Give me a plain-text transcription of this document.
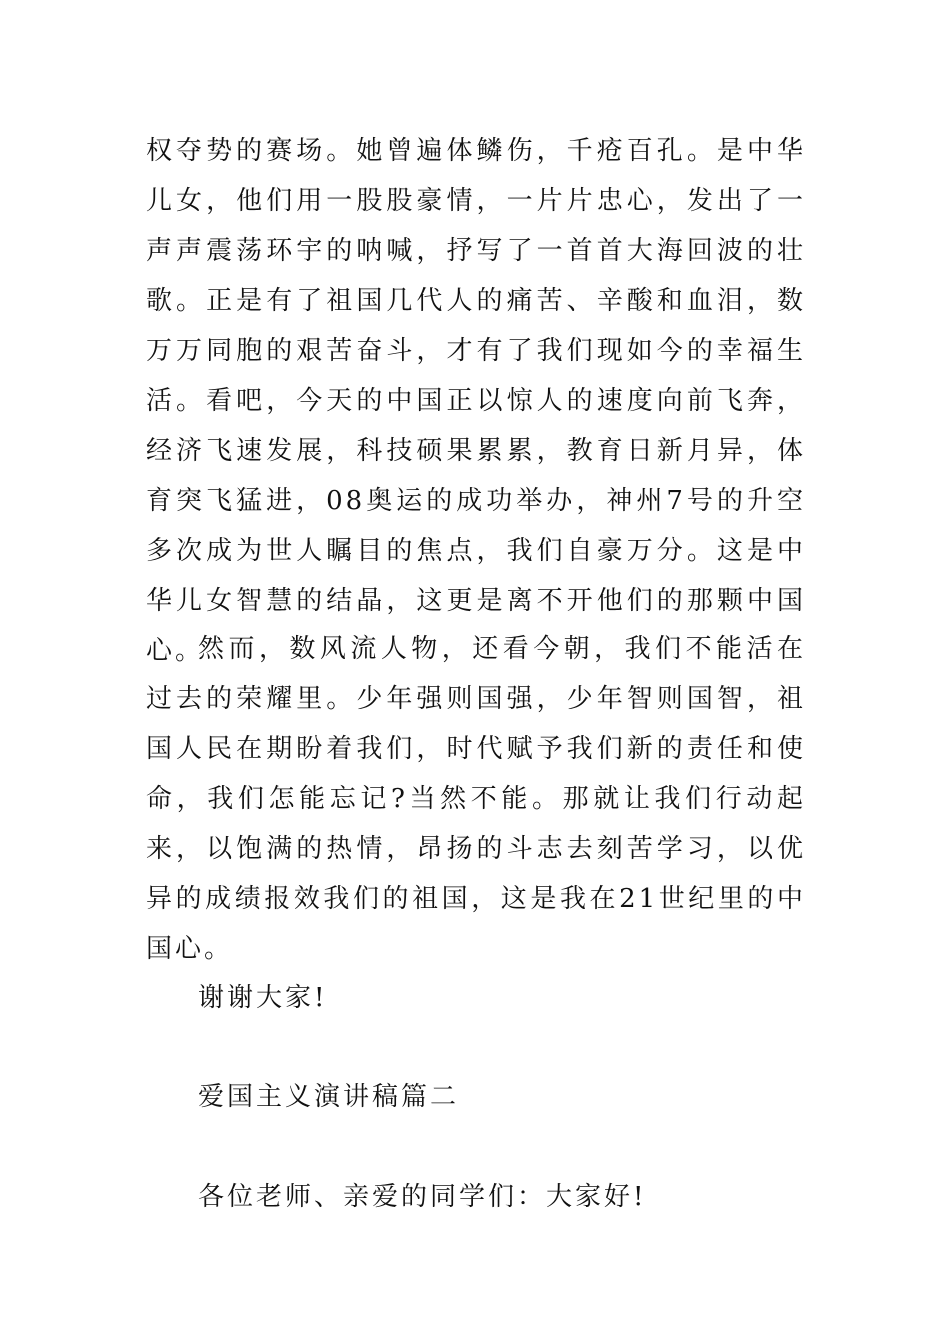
权夺势的赛场。她曾遍体鳞伤，千疮百孔。是中华儿女，他们用一股股豪情，一片片忠心，发出了一声声震荡环宇的呐喊，抒写了一首首大海回波的壮歌。正是有了祖国几代人的痛苦、辛酸和血泪，数万万同胞的艰苦奋斗，才有了我们现如今的幸福生活。看吧，今天的中国正以惊人的速度向前飞奔，经济飞速发展，科技硕果累累，教育日新月异，体育突飞猛进，08奥运的成功举办，神州7号的升空多次成为世人瞩目的焦点，我们自豪万分。这是中华儿女智慧的结晶，这更是离不开他们的那颗中国心。
然而，数风流人物，还看今朝，我们不能活在过去的荣耀里。少年强则国强，少年智则国智，祖国人民在期盼着我们，时代赋予我们新的责任和使命，我们怎能忘记?当然不能。那就让我们行动起来，以饱满的热情，昂扬的斗志去刻苦学习，以优异的成绩报效我们的祖国，这是我在21世纪里的中国心。
谢谢大家!
爱国主义演讲稿篇二
各位老师、亲爱的同学们：大家好!
